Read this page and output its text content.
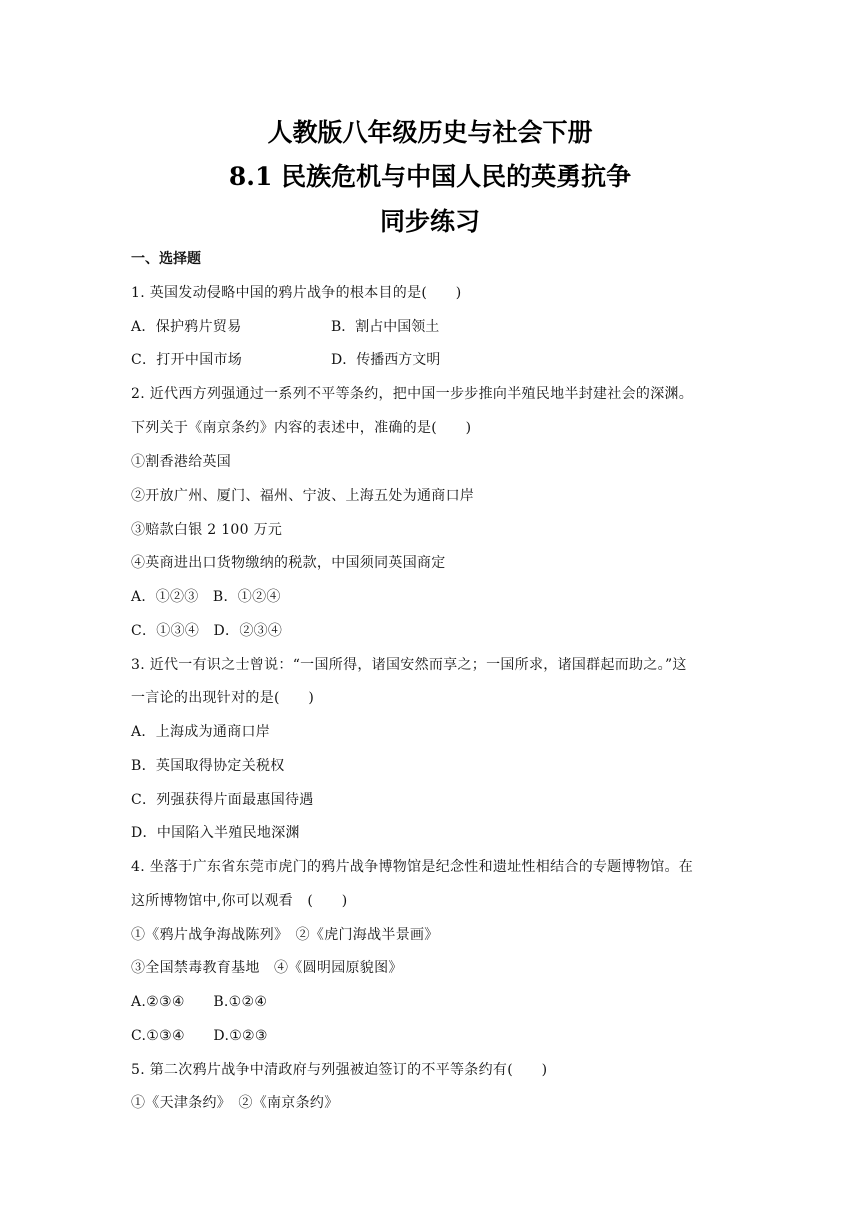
人教版八年级历史与社会下册
8.1 民族危机与中国人民的英勇抗争
同步练习
一、选择题
1. 英国发动侵略中国的鸦片战争的根本目的是(　　)
A．保护鸦片贸易	B．割占中国领土
C．打开中国市场	D．传播西方文明
2. 近代西方列强通过一系列不平等条约，把中国一步步推向半殖民地半封建社会的深渊。
下列关于《南京条约》内容的表述中，准确的是(　　)
①割香港给英国
②开放广州、厦门、福州、宁波、上海五处为通商口岸
③赔款白银 2 100 万元
④英商进出口货物缴纳的税款，中国须同英国商定
A．①②③　B．①②④
C．①③④　D．②③④
3. 近代一有识之士曾说：“一国所得，诸国安然而享之；一国所求，诸国群起而助之。”这
一言论的出现针对的是(　　)
A．上海成为通商口岸
B．英国取得协定关税权
C．列强获得片面最惠国待遇
D．中国陷入半殖民地深渊
4. 坐落于广东省东莞市虎门的鸦片战争博物馆是纪念性和遗址性相结合的专题博物馆。在
这所博物馆中,你可以观看　(　　)
①《鸦片战争海战陈列》　②《虎门海战半景画》
③全国禁毒教育基地　④《圆明园原貌图》
A.②③④　　B.①②④
C.①③④　　D.①②③
5. 第二次鸦片战争中清政府与列强被迫签订的不平等条约有(　　)
①《天津条约》　②《南京条约》
